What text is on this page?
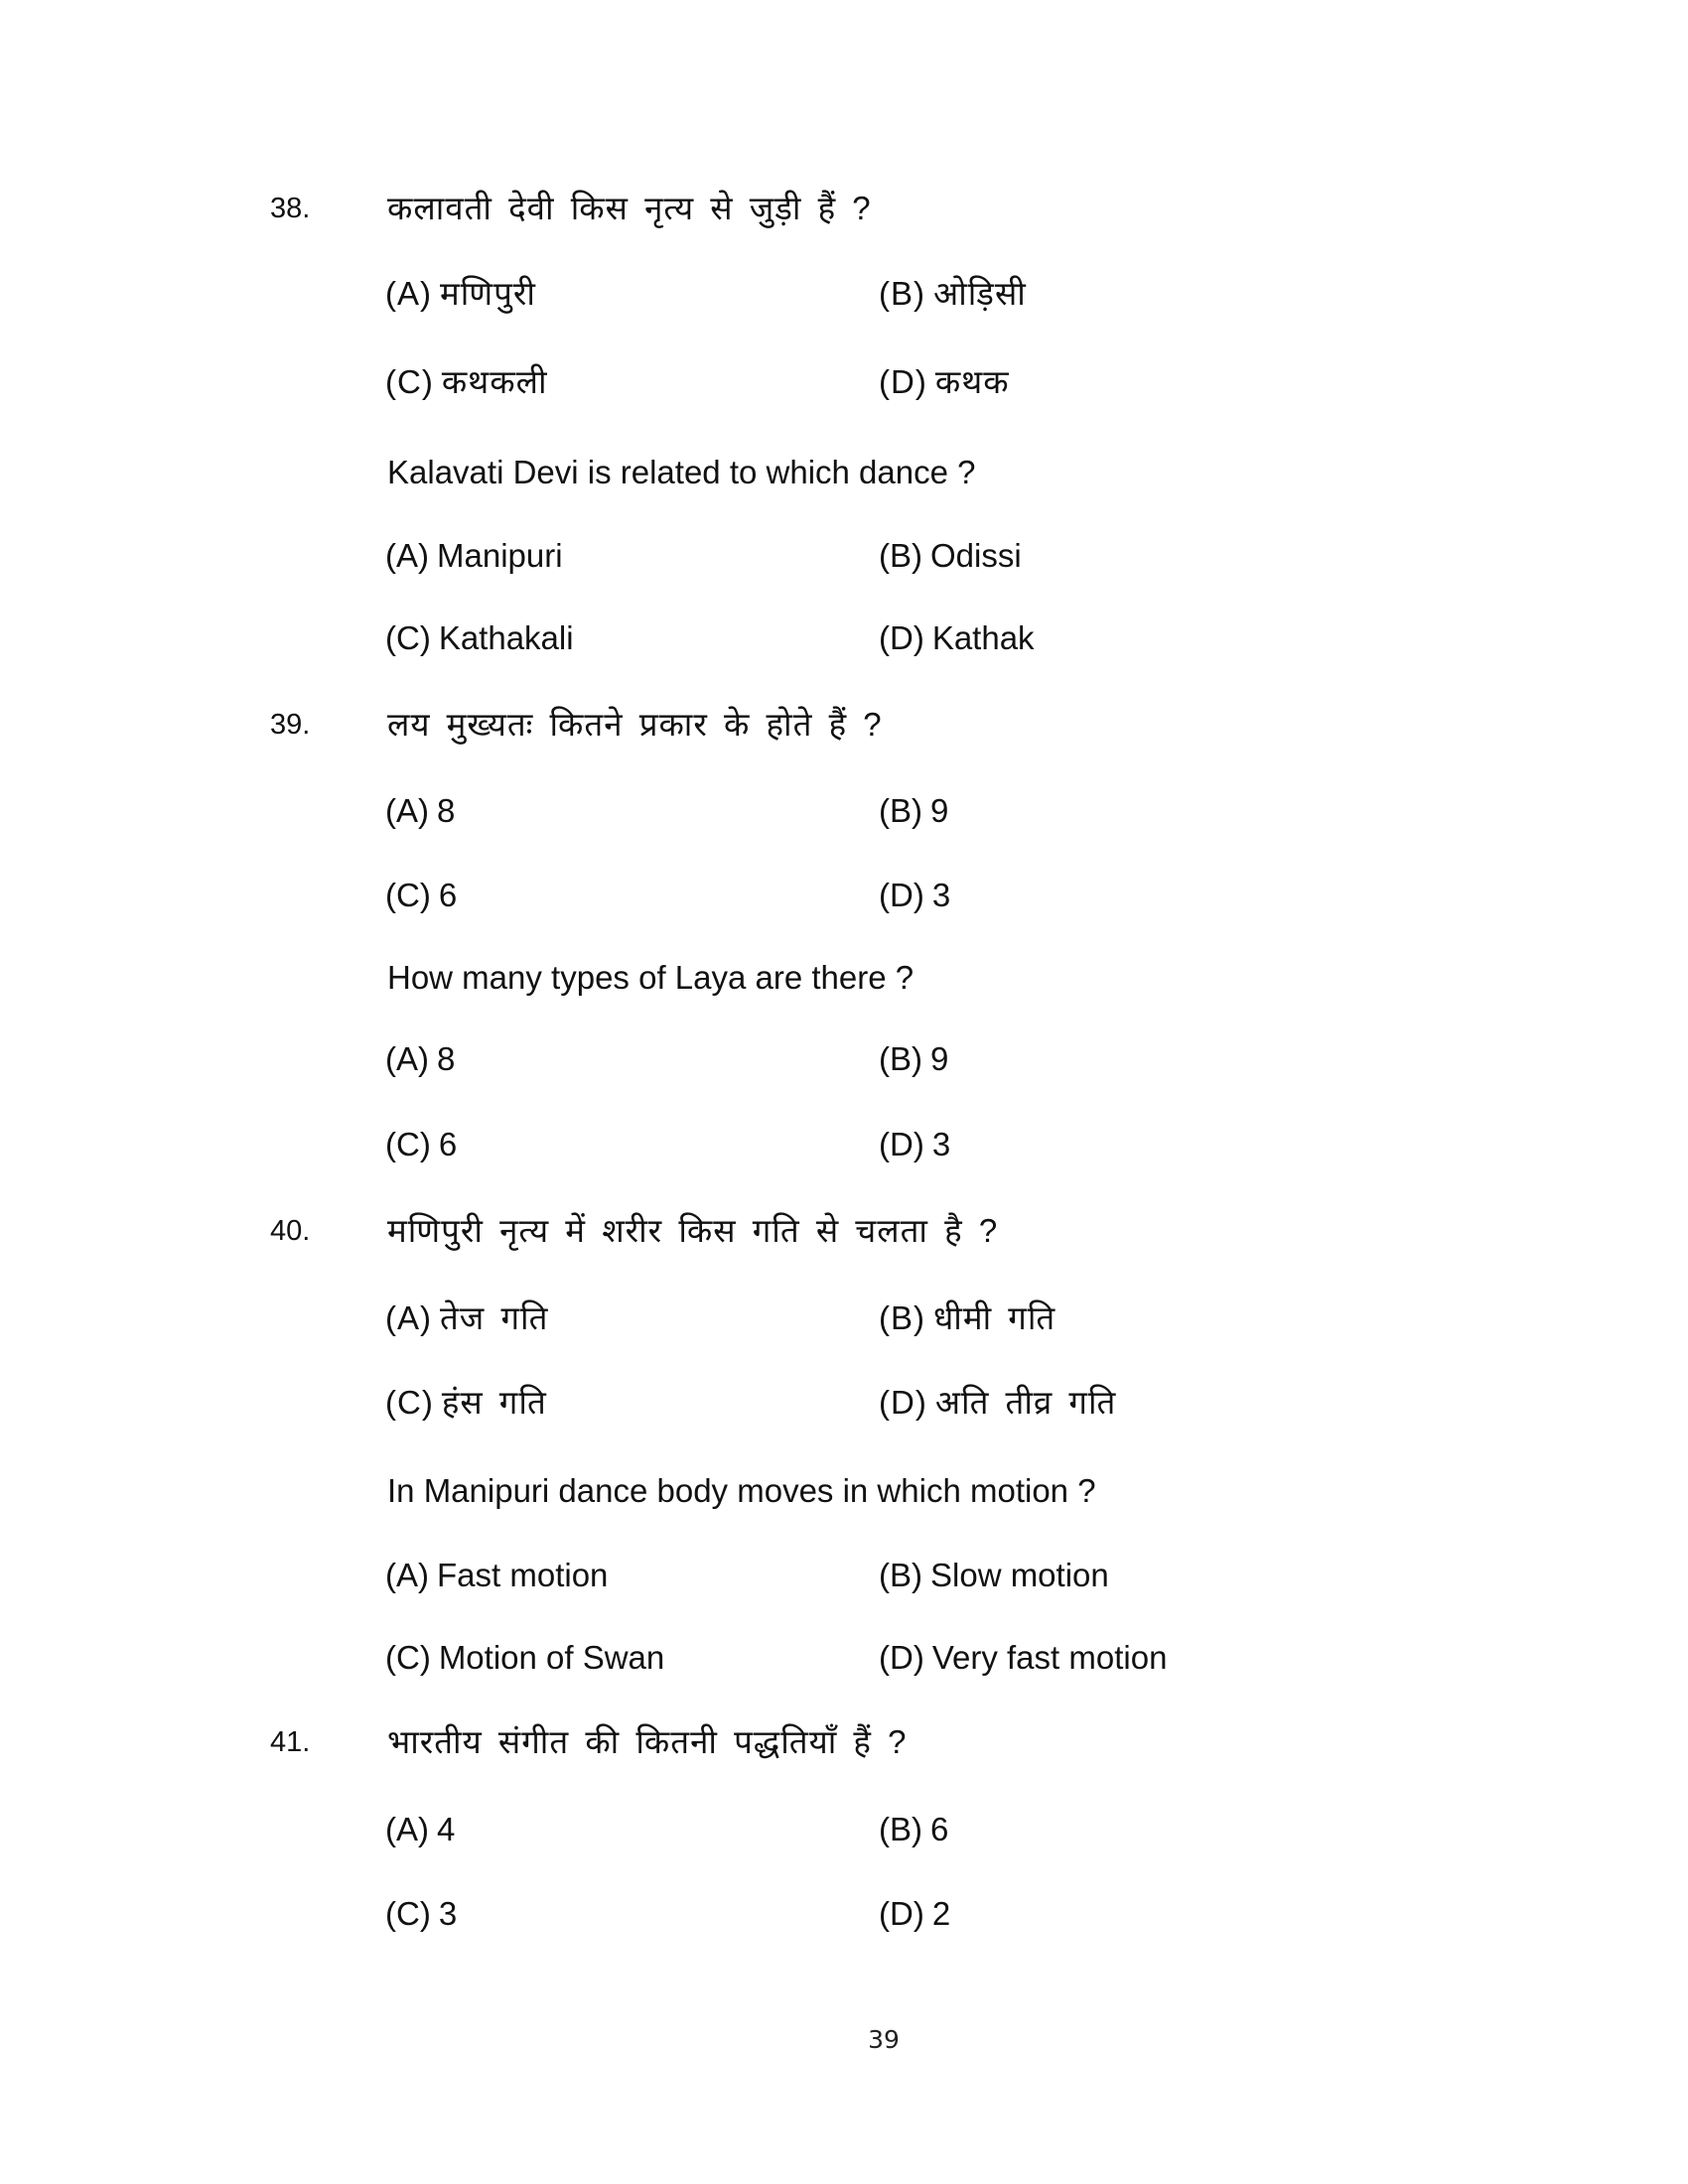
38. कलावती देवी किस नृत्य से जुड़ी हैं ?
(A) मणिपुरी	(B) ओड़िसी
(C) कथकली	(D) कथक
Kalavati Devi is related to which dance ?
(A) Manipuri	(B) Odissi
(C) Kathakali	(D) Kathak
39. लय मुख्यतः कितने प्रकार के होते हैं ?
(A) 8	(B) 9
(C) 6	(D) 3
How many types of Laya are there ?
(A) 8	(B) 9
(C) 6	(D) 3
40. मणिपुरी नृत्य में शरीर किस गति से चलता है ?
(A) तेज गति	(B) धीमी गति
(C) हंस गति	(D) अति तीव्र गति
In Manipuri dance body moves in which motion ?
(A) Fast motion	(B) Slow motion
(C) Motion of Swan	(D) Very fast motion
41. भारतीय संगीत की कितनी पद्धतियाँ हैं ?
(A) 4	(B) 6
(C) 3	(D) 2
39
